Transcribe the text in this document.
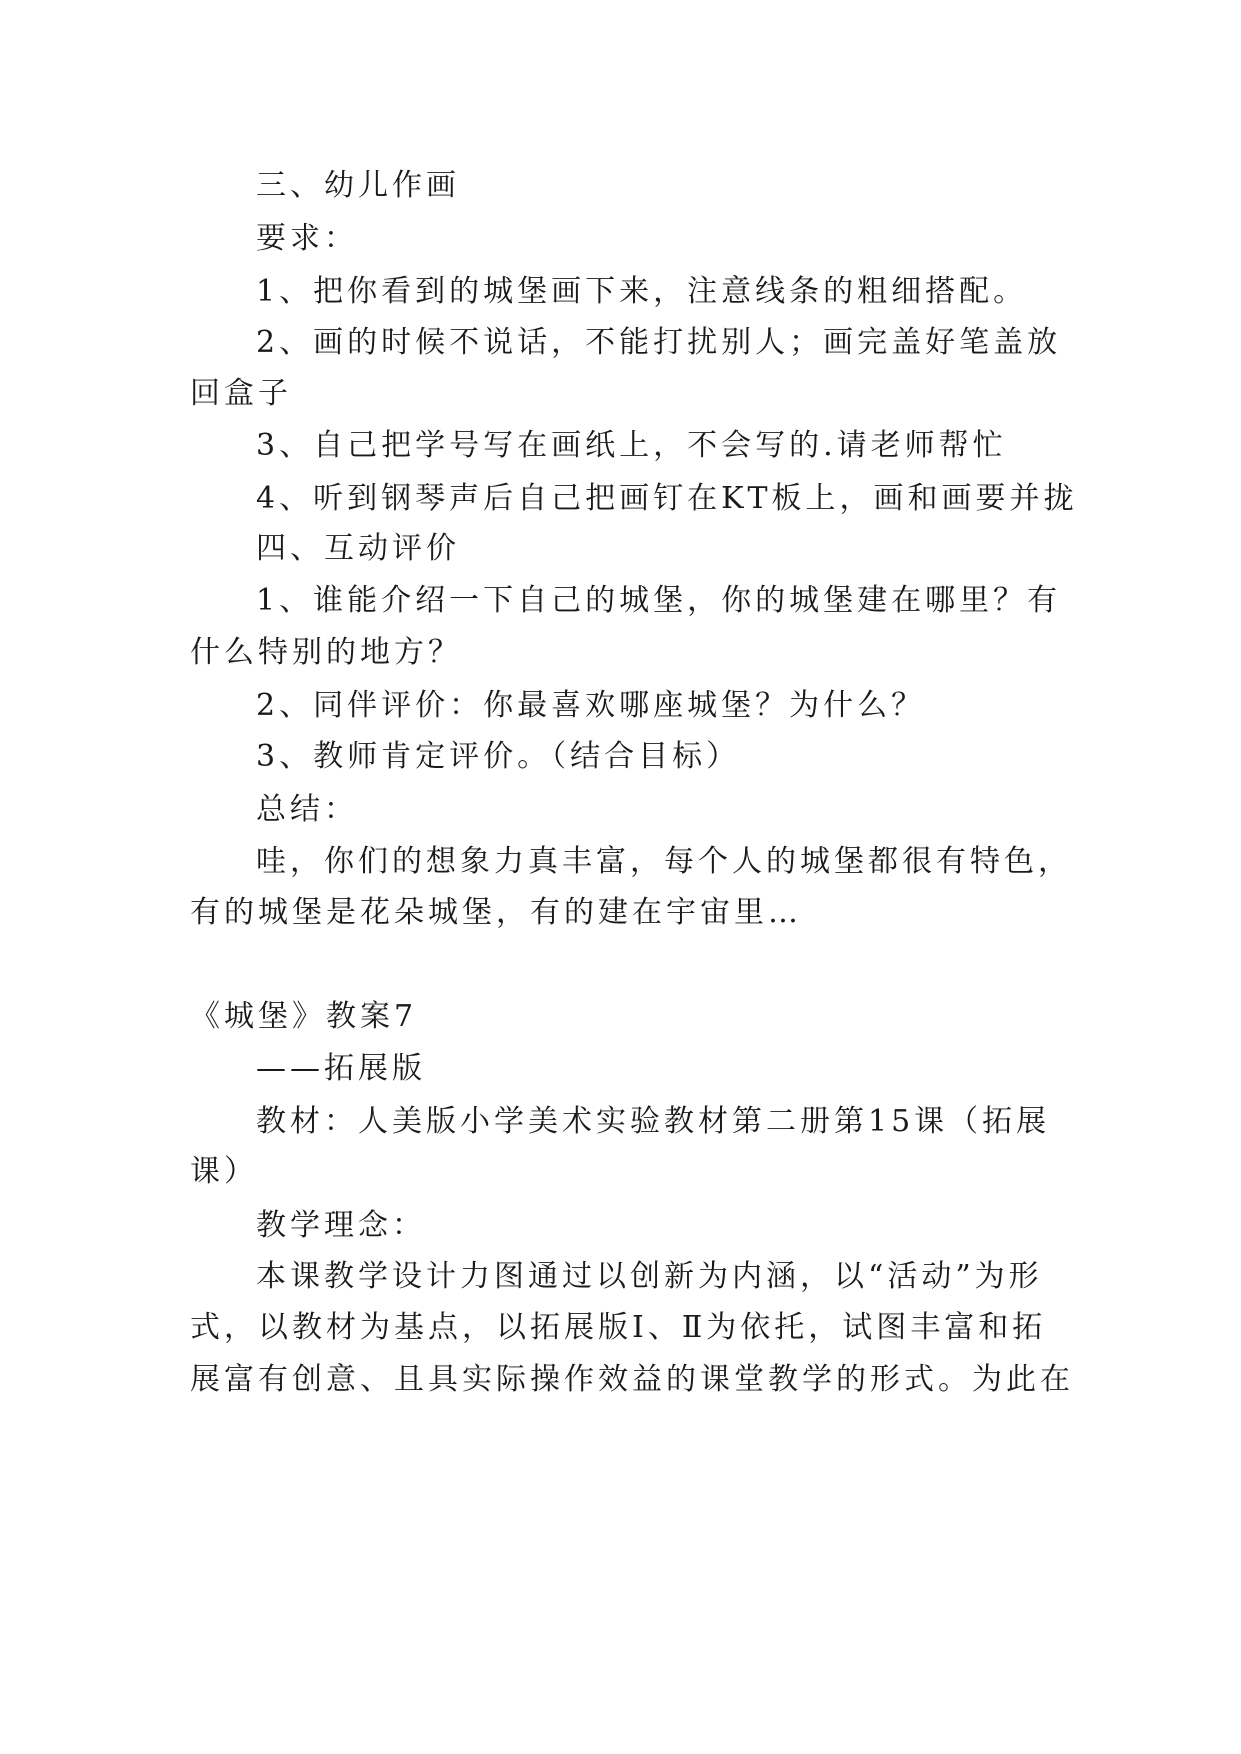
三、幼儿作画
要求：
1、把你看到的城堡画下来，注意线条的粗细搭配。
2、画的时候不说话，不能打扰别人；画完盖好笔盖放
回盒子
3、自己把学号写在画纸上，不会写的.请老师帮忙
4、听到钢琴声后自己把画钉在KT板上，画和画要并拢
四、互动评价
1、谁能介绍一下自己的城堡，你的城堡建在哪里？有
什么特别的地方？
2、同伴评价：你最喜欢哪座城堡？为什么？
3、教师肯定评价。（结合目标）
总结：
哇，你们的想象力真丰富，每个人的城堡都很有特色，
有的城堡是花朵城堡，有的建在宇宙里…
《城堡》教案7
——拓展版
教材：人美版小学美术实验教材第二册第15课（拓展
课）
教学理念：
本课教学设计力图通过以创新为内涵，以“活动”为形
式，以教材为基点，以拓展版Ⅰ、Ⅱ为依托，试图丰富和拓
展富有创意、且具实际操作效益的课堂教学的形式。为此在
